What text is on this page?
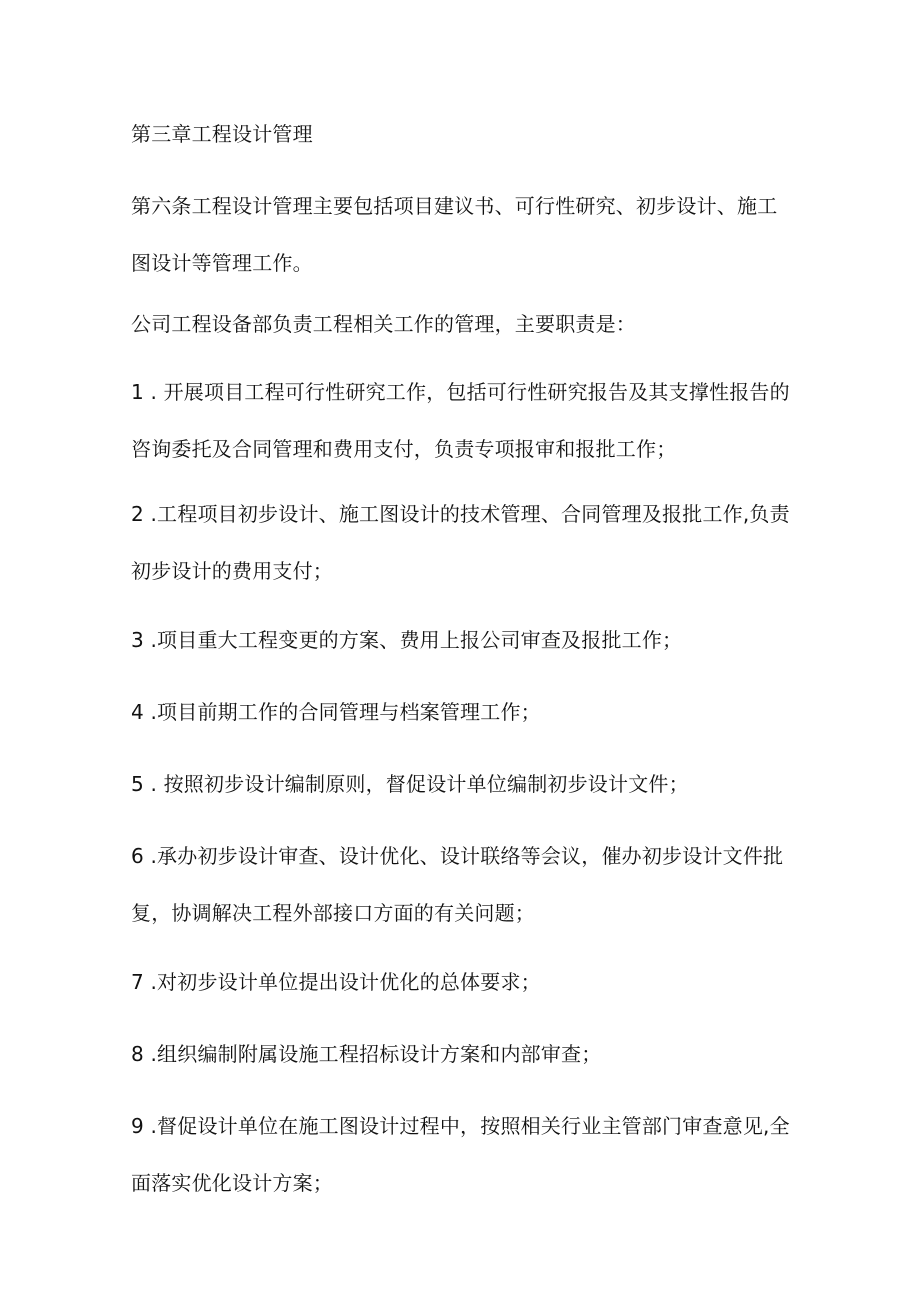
第三章工程设计管理

第六条工程设计管理主要包括项目建议书、可行性研究、初步设计、施工图设计等管理工作。

公司工程设备部负责工程相关工作的管理，主要职责是：

1 . 开展项目工程可行性研究工作，包括可行性研究报告及其支撑性报告的咨询委托及合同管理和费用支付，负责专项报审和报批工作；

2 .工程项目初步设计、施工图设计的技术管理、合同管理及报批工作,负责初步设计的费用支付；

3 .项目重大工程变更的方案、费用上报公司审查及报批工作；

4 .项目前期工作的合同管理与档案管理工作；

5 . 按照初步设计编制原则，督促设计单位编制初步设计文件；

6 .承办初步设计审查、设计优化、设计联络等会议，催办初步设计文件批复，协调解决工程外部接口方面的有关问题；

7 .对初步设计单位提出设计优化的总体要求；

8 .组织编制附属设施工程招标设计方案和内部审查；

9 .督促设计单位在施工图设计过程中，按照相关行业主管部门审查意见,全面落实优化设计方案；
